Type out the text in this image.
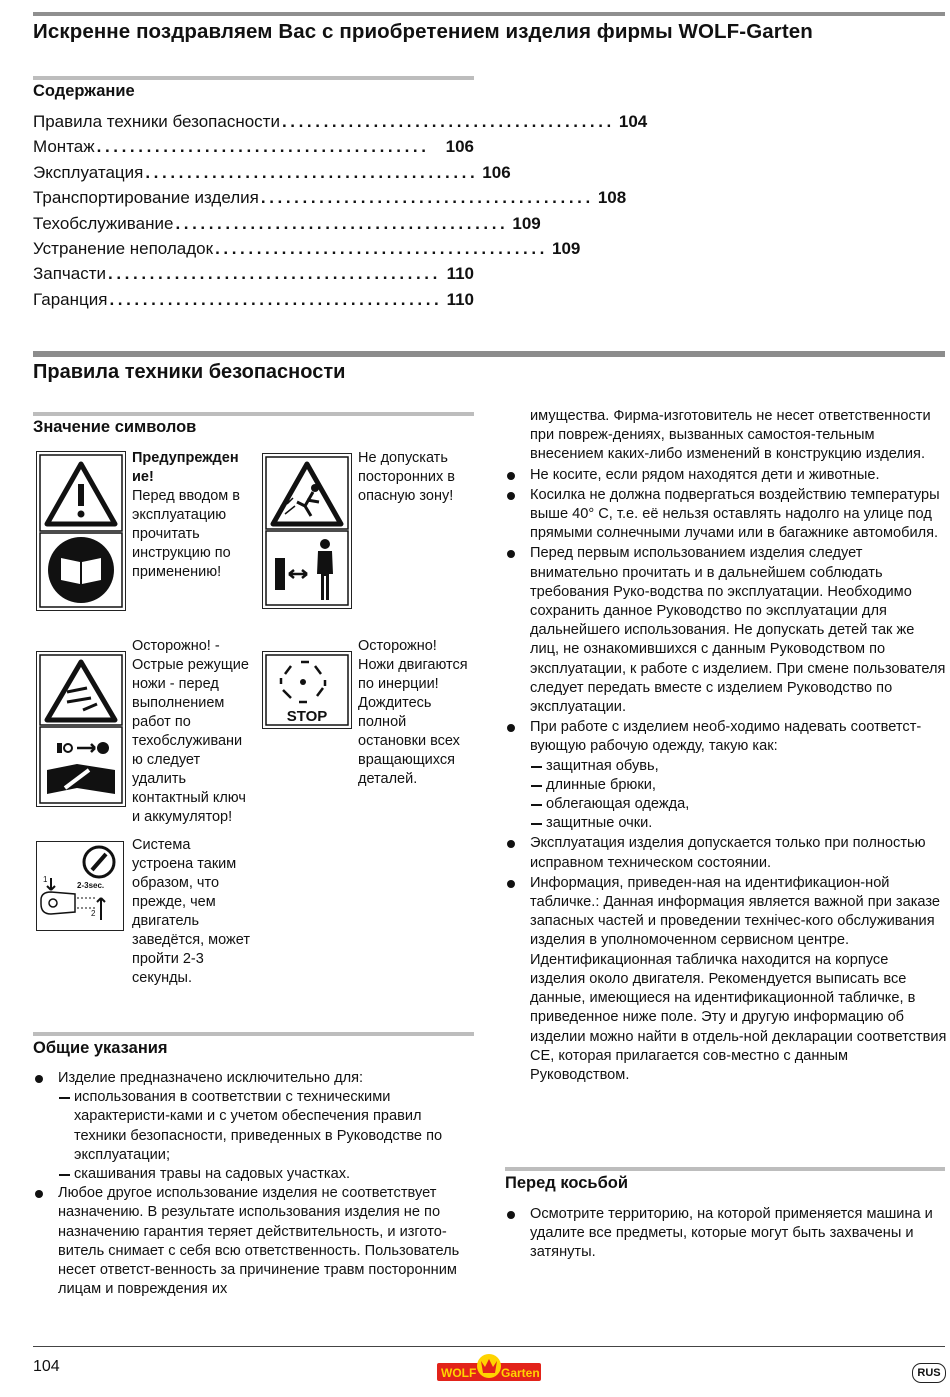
Искренне поздравляем Вас с приобретением изделия фирмы WOLF-Garten
Содержание
Правила техники безопасности ........................................ 104
Монтаж ........................................ 106
Эксплуатация ........................................ 106
Транспортирование изделия ........................................ 108
Техобслуживание ........................................ 109
Устранение неполадок ........................................ 109
Запчасти ........................................ 110
Гаранция ........................................ 110
Правила техники безопасности
Значение символов
Предупрежден ие!
Перед вводом в эксплуатацию прочитать инструкцию по применению!
Не допускать посторонних в опасную зону!
Осторожно! - Острые режущие ножи - перед выполнением работ по техобслуживани ю следует удалить контактный ключ и аккумулятор!
STOP
Осторожно! Ножи двигаются по инерции! Дождитесь полной остановки всех вращающихся деталей.
1
2-3sec.
2
Система устроена таким образом, что прежде, чем двигатель заведётся, может пройти 2-3 секунды.
Общие указания
Изделие предназначено исключительно для:
использования в соответствии с техническими характеристи-ками и с учетом обеспечения правил техники безопасности, приведенных в Руководстве по эксплуатации;
скашивания травы на садовых участках.
Любое другое использование изделия не соответствует назначению. В результате использования изделия не по назначению гарантия теряет действительность, и изгото-витель снимает с себя всю ответственность. Пользователь несет ответст-венность за причинение травм посторонним лицам и повреждения их
имущества. Фирма-изготовитель не несет ответственности при повреж-дениях, вызванных самостоя-тельным внесением каких-либо изменений в конструкцию изделия.
Не косите, если рядом находятся дети и животные.
Косилка не должна подвергаться воздействию температуры выше 40° C, т.е. её нельзя оставлять надолго на улице под прямыми солнечными лучами или в багажнике автомобиля.
Перед первым использованием изделия следует внимательно прочитать и в дальнейшем соблюдать требования Руко-водства по эксплуатации. Необходимо сохранить данное Руководство по эксплуатации для дальнейшего использования. Не допускать детей так же лиц, не ознакомившихся с данным Руководством по эксплуатации, к работе с изделием. При смене пользователя следует передать вместе с изделием Руководство по эксплуатации.
При работе с изделием необ-ходимо надевать соответст-вующую рабочую одежду, такую как:
защитная обувь,
длинные брюки,
облегающая одежда,
защитные очки.
Эксплуатация изделия допускается только при полностью исправном техническом состоянии.
Информация, приведен-ная на идентификацион-ной табличке.: Данная информация является важной при заказе запасных частей и проведении технiчес-кого обслуживания изделия в уполномоченном сервисном центре. Идентификационная табличка находится на корпусе изделия около двигателя. Рекомендуется выписать все данные, имеющиеся на идентификационной табличке, в приведенное ниже поле. Эту и другую информацию об изделии можно найти в отдель-ной декларации соответствия CE, которая прилагается сов-местно с данным Руководством.
Перед косьбой
Осмотрите территорию, на которой применяется машина и удалите все предметы, которые могут быть захвачены и затянуты.
104	WOLF Garten	RUS
